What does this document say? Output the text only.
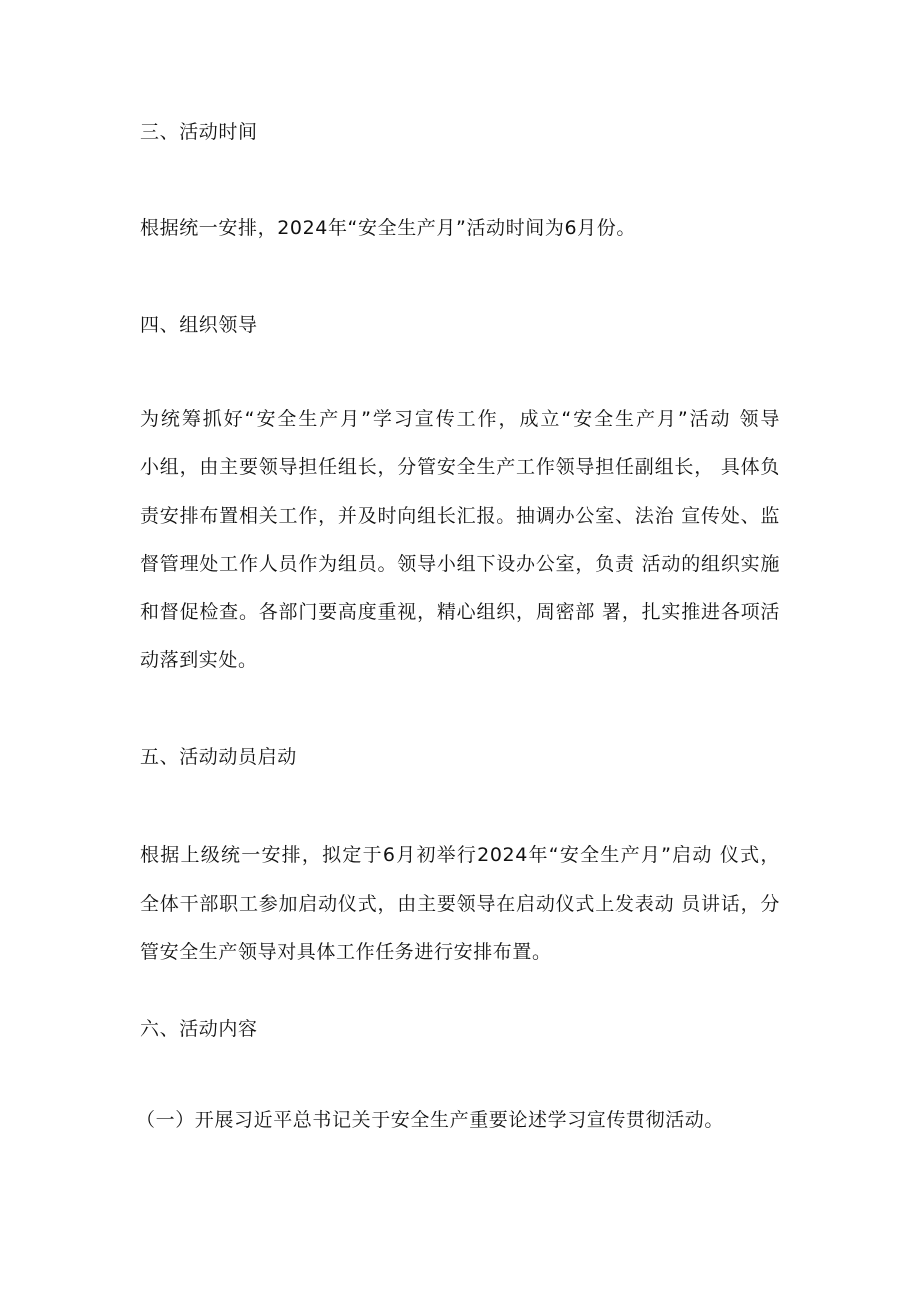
三、活动时间
根据统一安排，2024年“安全生产月”活动时间为6月份。
四、组织领导
为统筹抓好“安全生产月”学习宣传工作，成立“安全生产月”活动 领导
小组，由主要领导担任组长，分管安全生产工作领导担任副组长， 具体负
责安排布置相关工作，并及时向组长汇报。抽调办公室、法治 宣传处、监
督管理处工作人员作为组员。领导小组下设办公室，负责 活动的组织实施
和督促检查。各部门要高度重视，精心组织，周密部 署，扎实推进各项活
动落到实处。
五、活动动员启动
根据上级统一安排，拟定于6月初举行2024年“安全生产月”启动 仪式，
全体干部职工参加启动仪式，由主要领导在启动仪式上发表动 员讲话，分
管安全生产领导对具体工作任务进行安排布置。
六、活动内容
（一）开展习近平总书记关于安全生产重要论述学习宣传贯彻活动。
